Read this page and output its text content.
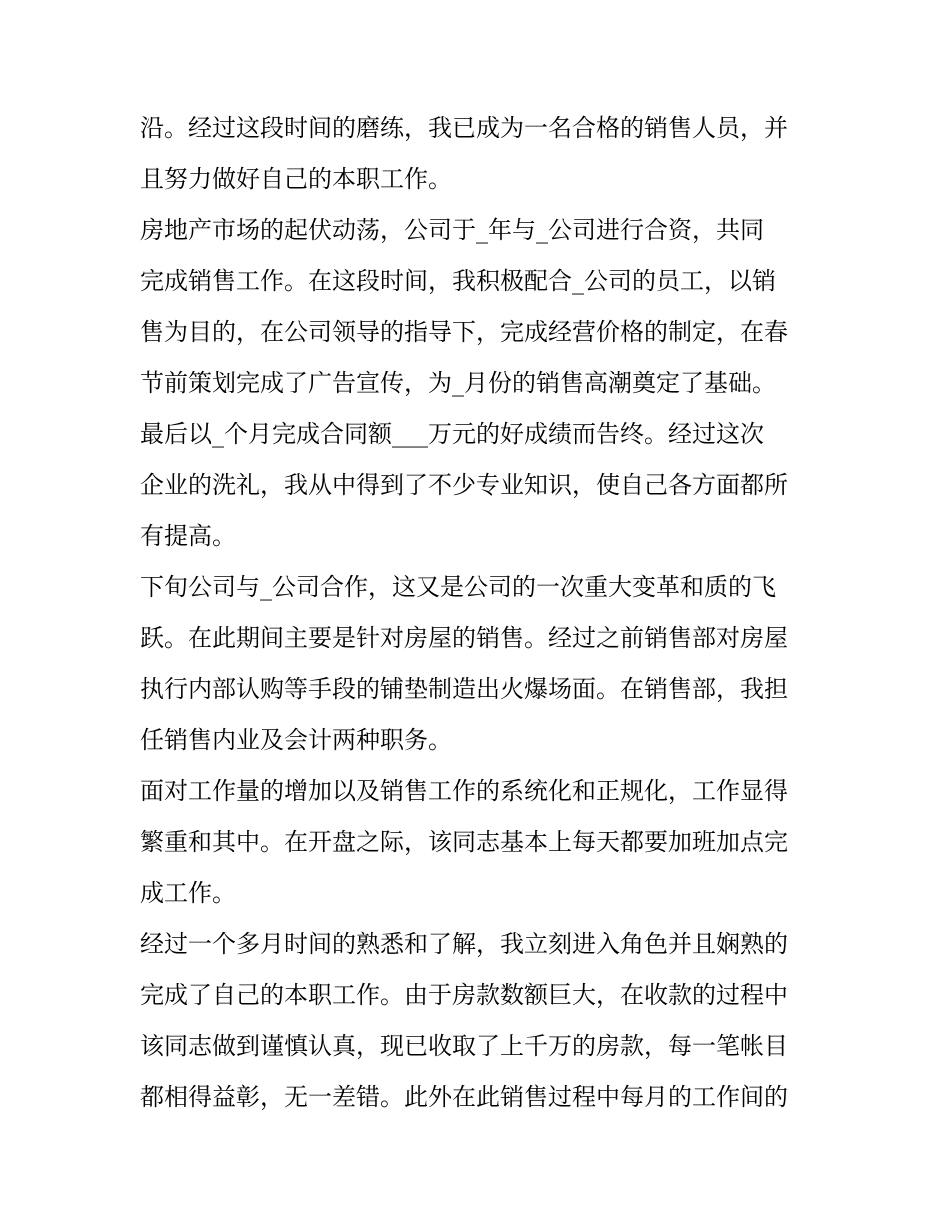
沿。经过这段时间的磨练，我已成为一名合格的销售人员，并
且努力做好自己的本职工作。
房地产市场的起伏动荡，公司于_年与_公司进行合资，共同
完成销售工作。在这段时间，我积极配合_公司的员工，以销
售为目的，在公司领导的指导下，完成经营价格的制定，在春
节前策划完成了广告宣传，为_月份的销售高潮奠定了基础。
最后以_个月完成合同额___万元的好成绩而告终。经过这次
企业的洗礼，我从中得到了不少专业知识，使自己各方面都所
有提高。
下旬公司与_公司合作，这又是公司的一次重大变革和质的飞
跃。在此期间主要是针对房屋的销售。经过之前销售部对房屋
执行内部认购等手段的铺垫制造出火爆场面。在销售部，我担
任销售内业及会计两种职务。
面对工作量的增加以及销售工作的系统化和正规化，工作显得
繁重和其中。在开盘之际，该同志基本上每天都要加班加点完
成工作。
经过一个多月时间的熟悉和了解，我立刻进入角色并且娴熟的
完成了自己的本职工作。由于房款数额巨大，在收款的过程中
该同志做到谨慎认真，现已收取了上千万的房款，每一笔帐目
都相得益彰，无一差错。此外在此销售过程中每月的工作间的
